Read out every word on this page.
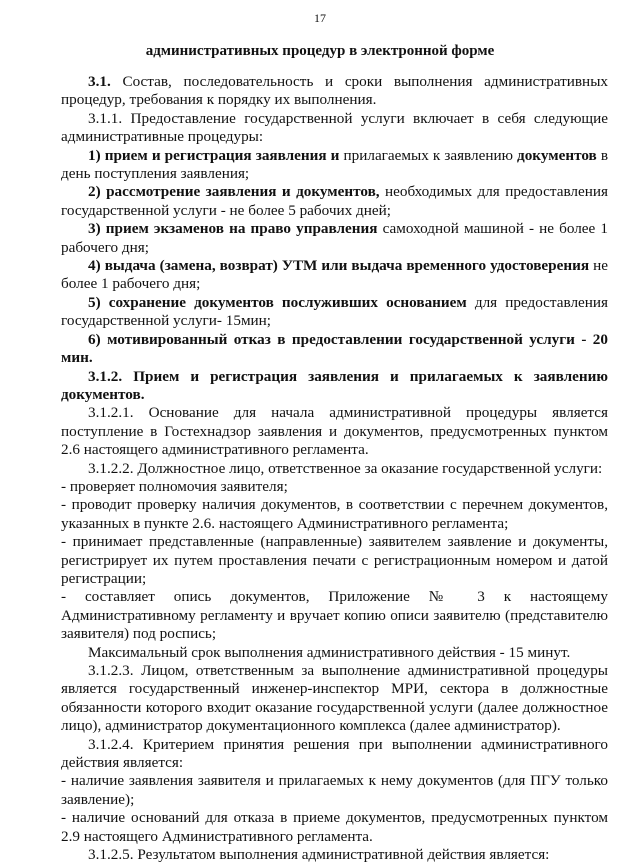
17
административных процедур в электронной форме

3.1. Состав, последовательность и сроки выполнения административных процедур, требования к порядку их выполнения.

3.1.1. Предоставление государственной услуги включает в себя следующие административные процедуры:

1) прием и регистрация заявления и прилагаемых к заявлению документов в день поступления заявления;

2) рассмотрение заявления и документов, необходимых для предоставления государственной услуги - не более 5 рабочих дней;

3) прием экзаменов на право управления самоходной машиной - не более 1 рабочего дня;

4) выдача (замена, возврат) УТМ или выдача временного удостоверения не более 1 рабочего дня;

5) сохранение документов послуживших основанием для предоставления государственной услуги- 15мин;

6) мотивированный отказ в предоставлении государственной услуги - 20 мин.

3.1.2. Прием и регистрация заявления и прилагаемых к заявлению документов.

3.1.2.1. Основание для начала административной процедуры является поступление в Гостехнадзор заявления и документов, предусмотренных пунктом 2.6 настоящего административного регламента.

3.1.2.2. Должностное лицо, ответственное за оказание государственной услуги:

- проверяет полномочия заявителя;

- проводит проверку наличия документов, в соответствии с перечнем документов, указанных в пункте 2.6. настоящего Административного регламента;

- принимает представленные (направленные) заявителем заявление и документы, регистрирует их путем проставления печати с регистрационным номером и датой регистрации;

- составляет опись документов, Приложение № 3 к настоящему Административному регламенту и вручает копию описи заявителю (представителю заявителя) под роспись;

Максимальный срок выполнения административного действия - 15 минут.

3.1.2.3. Лицом, ответственным за выполнение административной процедуры является государственный инженер-инспектор МРИ, сектора в должностные обязанности которого входит оказание государственной услуги (далее должностное лицо), администратор документационного комплекса (далее администратор).

3.1.2.4. Критерием принятия решения при выполнении административного действия является:

- наличие заявления заявителя и прилагаемых к нему документов (для ПГУ только заявление);

- наличие оснований для отказа в приеме документов, предусмотренных пунктом 2.9 настоящего Административного регламента.

3.1.2.5. Результатом выполнения административной действия является:
